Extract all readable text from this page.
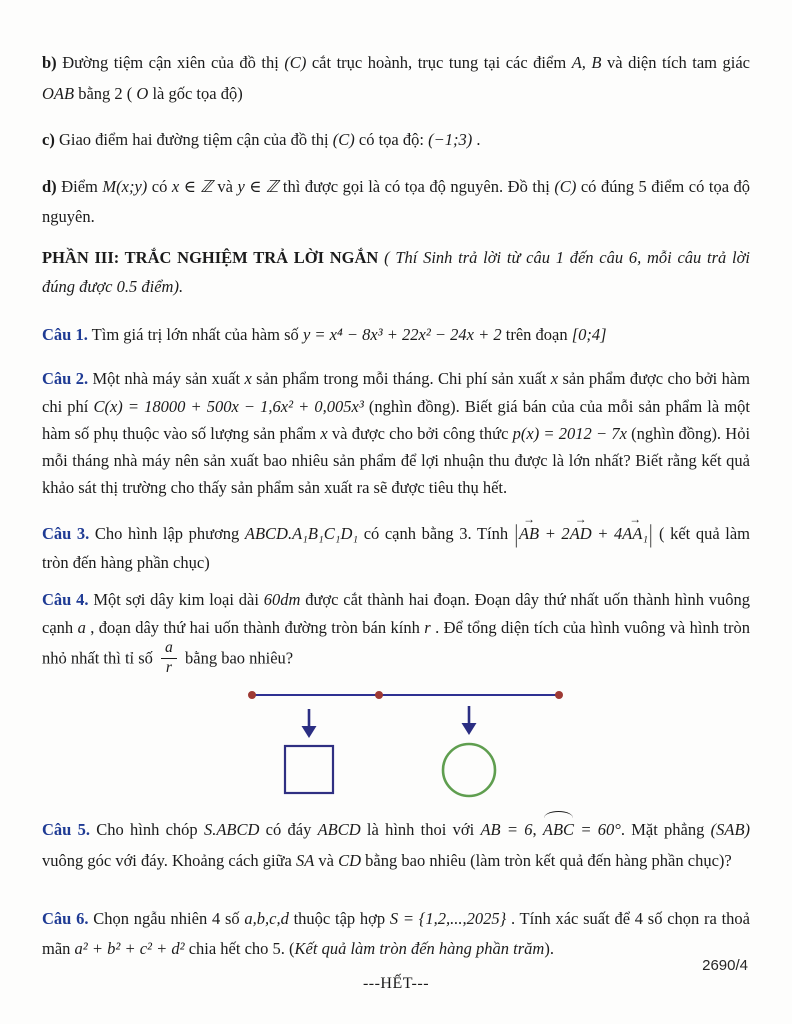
b) Đường tiệm cận xiên của đồ thị (C) cắt trục hoành, trục tung tại các điểm A, B và diện tích tam giác OAB bằng 2 ( O là gốc tọa độ)

c) Giao điểm hai đường tiệm cận của đồ thị (C) có tọa độ: (−1;3) .

d) Điểm M(x;y) có x ∈ ℤ và y ∈ ℤ thì được gọi là có tọa độ nguyên. Đồ thị (C) có đúng 5 điểm có tọa độ nguyên.

PHẦN III: TRẮC NGHIỆM TRẢ LỜI NGẮN ( Thí Sinh trả lời từ câu 1 đến câu 6, mỗi câu trả lời đúng được 0.5 điểm).

Câu 1. Tìm giá trị lớn nhất của hàm số y = x⁴ − 8x³ + 22x² − 24x + 2 trên đoạn [0;4]

Câu 2. Một nhà máy sản xuất x sản phẩm trong mỗi tháng. Chi phí sản xuất x sản phẩm được cho bởi hàm chi phí C(x) = 18000 + 500x − 1,6x² + 0,005x³ (nghìn đồng). Biết giá bán của của mỗi sản phẩm là một hàm số phụ thuộc vào số lượng sản phẩm x và được cho bởi công thức p(x) = 2012 − 7x (nghìn đồng). Hỏi mỗi tháng nhà máy nên sản xuất bao nhiêu sản phẩm để lợi nhuận thu được là lớn nhất? Biết rằng kết quả khảo sát thị trường cho thấy sản phẩm sản xuất ra sẽ được tiêu thụ hết.

Câu 3. Cho hình lập phương ABCD.A₁B₁C₁D₁ có cạnh bằng 3. Tính |→ AB + 2→ AD + 4→ AA₁| ( kết quả làm tròn đến hàng phần chục)

Câu 4. Một sợi dây kim loại dài 60dm được cắt thành hai đoạn. Đoạn dây thứ nhất uốn thành hình vuông cạnh a , đoạn dây thứ hai uốn thành đường tròn bán kính r . Để tổng diện tích của hình vuông và hình tròn nhỏ nhất thì tỉ số $\frac{a}{r}$ bằng bao nhiêu?

Câu 5. Cho hình chóp S.ABCD có đáy ABCD là hình thoi với AB = 6, ABC = 60°. Mặt phẳng (SAB) vuông góc với đáy. Khoảng cách giữa SA và CD bằng bao nhiêu (làm tròn kết quả đến hàng phần chục)?

Câu 6. Chọn ngẫu nhiên 4 số a,b,c,d thuộc tập hợp S = {1,2,...,2025} . Tính xác suất để 4 số chọn ra thoả mãn a² + b² + c² + d² chia hết cho 5. (Kết quả làm tròn đến hàng phần trăm).

---HẾT---

2690/4
